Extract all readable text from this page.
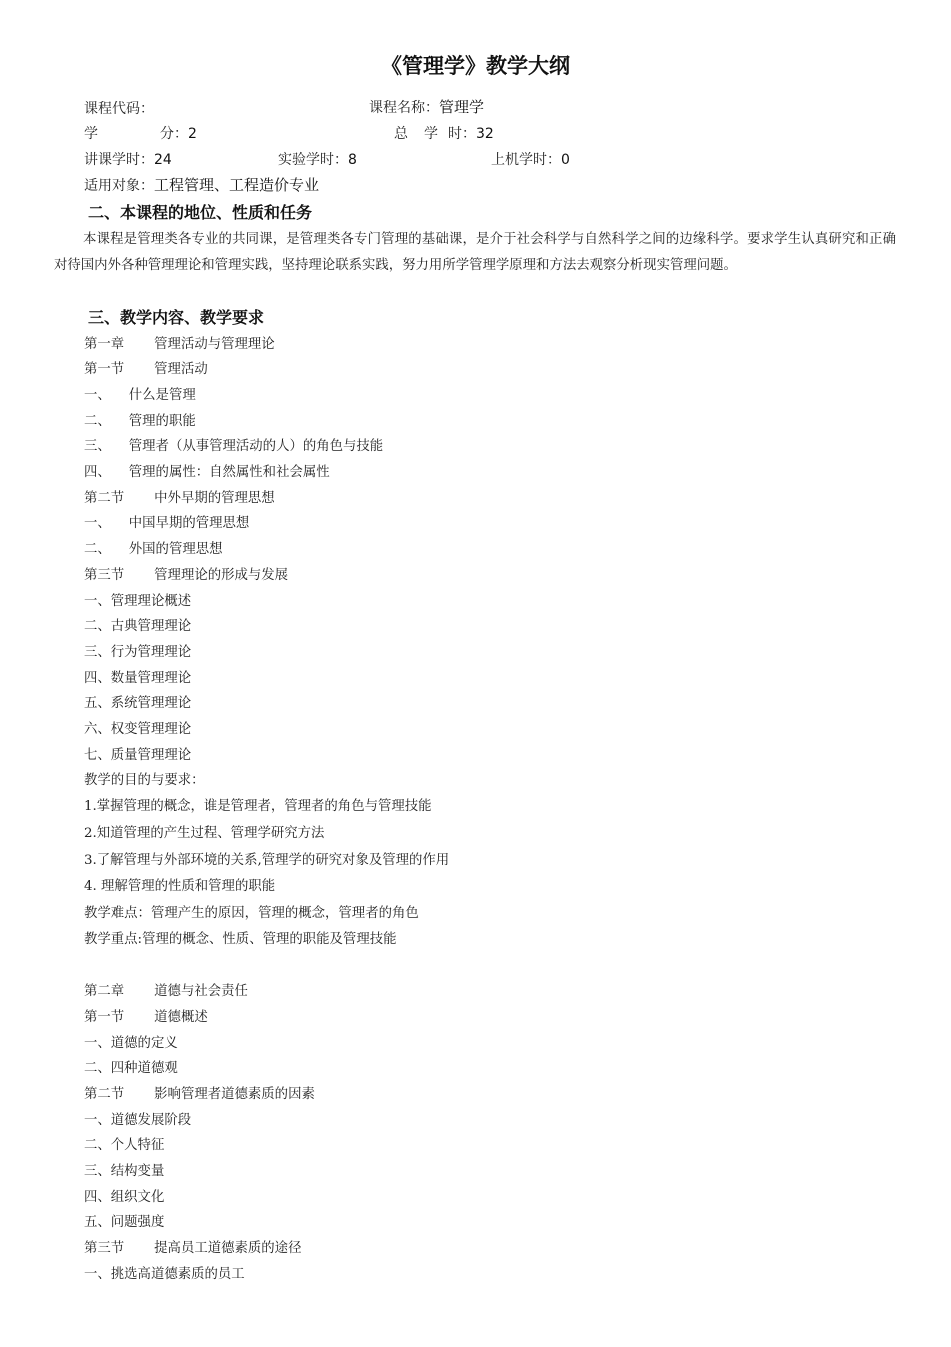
《管理学》教学大纲
课程代码：	课程名称：管理学
学	分：2	总 学 时：32
讲课学时：24	实验学时：8	上机学时：0
适用对象：工程管理、工程造价专业
二、本课程的地位、性质和任务
本课程是管理类各专业的共同课，是管理类各专门管理的基础课，是介于社会科学与自然科学之间的边缘科学。要求学生认真研究和正确对待国内外各种管理理论和管理实践，坚持理论联系实践，努力用所学管理学原理和方法去观察分析现实管理问题。
三、教学内容、教学要求
第一章 管理活动与管理理论
第一节 管理活动
一、 什么是管理
二、 管理的职能
三、 管理者（从事管理活动的人）的角色与技能
四、 管理的属性：自然属性和社会属性
第二节 中外早期的管理思想
一、 中国早期的管理思想
二、 外国的管理思想
第三节 管理理论的形成与发展
一、管理理论概述
二、古典管理理论
三、行为管理理论
四、数量管理理论
五、系统管理理论
六、权变管理理论
七、质量管理理论
教学的目的与要求：
1.掌握管理的概念，谁是管理者，管理者的角色与管理技能
2.知道管理的产生过程、管理学研究方法
3.了解管理与外部环境的关系,管理学的研究对象及管理的作用
4. 理解管理的性质和管理的职能
教学难点：管理产生的原因，管理的概念，管理者的角色
教学重点:管理的概念、性质、管理的职能及管理技能
第二章 道德与社会责任
第一节 道德概述
一、道德的定义
二、四种道德观
第二节 影响管理者道德素质的因素
一、道德发展阶段
二、个人特征
三、结构变量
四、组织文化
五、问题强度
第三节 提高员工道德素质的途径
一、挑选高道德素质的员工
